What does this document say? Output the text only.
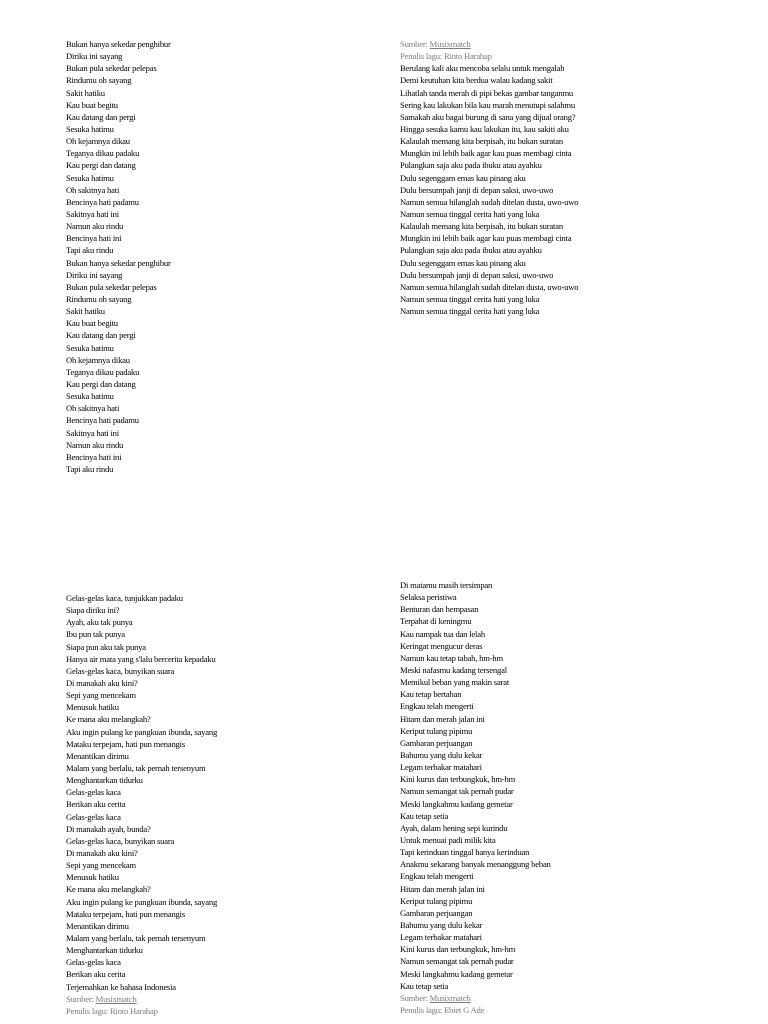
Bukan hanya sekedar penghibur
Diriku ini sayang
Bukan pula sekedar pelepas
Rindumu oh sayang
Sakit hatiku
Kau buat begitu
Kau datang dan pergi
Sesuka hatimu
Oh kejamnya dikau
Teganya dikau padaku
Kau pergi dan datang
Sesuka hatimu
Oh sakitnya hati
Bencinya hati padamu
Sakitnya hati ini
Namun aku rindu
Bencinya hati ini
Tapi aku rindu
Bukan hanya sekedar penghibur
Diriku ini sayang
Bukan pula sekedar pelepas
Rindumu oh sayang
Sakit hatiku
Kau buat begitu
Kau datang dan pergi
Sesuka hatimu
Oh kejamnya dikau
Teganya dikau padaku
Kau pergi dan datang
Sesuka hatimu
Oh sakitnya hati
Bencinya hati padamu
Sakitnya hati ini
Namun aku rindu
Bencinya hati ini
Tapi aku rindu
Sumber: Musixmatch
Penulis lagu: Rinto Harahap
Berulang kali aku mencoba selalu untuk mengalah
Demi keutuhan kita berdua walau kadang sakit
Lihatlah tanda merah di pipi bekas gambar tanganmu
Sering kau lakukan bila kau marah menutupi salahmu
Samakah aku bagai burung di sana yang dijual orang?
Hingga sesuka kamu kau lakukan itu, kau sakiti aku
Kalaulah memang kita berpisah, itu bukan suratan
Mungkin ini lebih baik agar kau puas membagi cinta
Pulangkan saja aku pada ibuku atau ayahku
Dulu segenggam emas kau pinang aku
Dulu bersumpah janji di depan saksi, uwo-uwo
Namun semua hilanglah sudah ditelan dusta, uwo-uwo
Namun semua tinggal cerita hati yang luka
Kalaulah memang kita berpisah, itu bukan suratan
Mungkin ini lebih baik agar kau puas membagi cinta
Pulangkan saja aku pada ibuku atau ayahku
Dulu segenggam emas kau pinang aku
Dulu bersumpah janji di depan saksi, uwo-uwo
Namun semua hilanglah sudah ditelan dusta, uwo-uwo
Namun semua tinggal cerita hati yang luka
Namun semua tinggal cerita hati yang luka
Gelas-gelas kaca, tunjukkan padaku
Siapa diriku ini?
Ayah, aku tak punya
Ibu pun tak punya
Siapa pun aku tak punya
Hanya air mata yang s'lalu bercerita kepadaku
Gelas-gelas kaca, bunyikan suara
Di manakah aku kini?
Sepi yang mencekam
Menusuk hatiku
Ke mana aku melangkah?
Aku ingin pulang ke pangkuan ibunda, sayang
Mataku terpejam, hati pun menangis
Menantikan dirimu
Malam yang berlalu, tak pernah tersenyum
Menghantarkan tidurku
Gelas-gelas kaca
Berikan aku cerita
Gelas-gelas kaca
Di manakah ayah, bunda?
Gelas-gelas kaca, bunyikan suara
Di manakah aku kini?
Sepi yang mencekam
Menusuk hatiku
Ke mana aku melangkah?
Aku ingin pulang ke pangkuan ibunda, sayang
Mataku terpejam, hati pun menangis
Menantikan dirimu
Malam yang berlalu, tak pernah tersenyum
Menghantarkan tidurku
Gelas-gelas kaca
Berikan aku cerita
Terjemahkan ke bahasa Indonesia
Sumber: Musixmatch
Penulis lagu: Rinto Harahap
Di matamu masih tersimpan
Selaksa peristiwa
Benturan dan hempasan
Terpahat di keningmu
Kau nampak tua dan lelah
Keringat mengucur deras
Namun kau tetap tabah, hm-hm
Meski nafasmu kadang tersengal
Memikul beban yang makin sarat
Kau tetap bertahan
Engkau telah mengerti
Hitam dan merah jalan ini
Keriput tulang pipimu
Gambaran perjuangan
Bahumu yang dulu kekar
Legam terbakar matahari
Kini kurus dan terbungkuk, hm-hm
Namun semangat tak pernah pudar
Meski langkahmu kadang gemetar
Kau tetap setia
Ayah, dalam hening sepi kurindu
Untuk menuai padi milik kita
Tapi kerinduan tinggal hanya kerinduan
Anakmu sekarang banyak menanggung beban
Engkau telah mengerti
Hitam dan merah jalan ini
Keriput tulang pipimu
Gambaran perjuangan
Bahumu yang dulu kekar
Legam terbakar matahari
Kini kurus dan terbungkuk, hm-hm
Namun semangat tak pernah pudar
Meski langkahmu kadang gemetar
Kau tetap setia
Sumber: Musixmatch
Penulis lagu: Ebiet G Ade
